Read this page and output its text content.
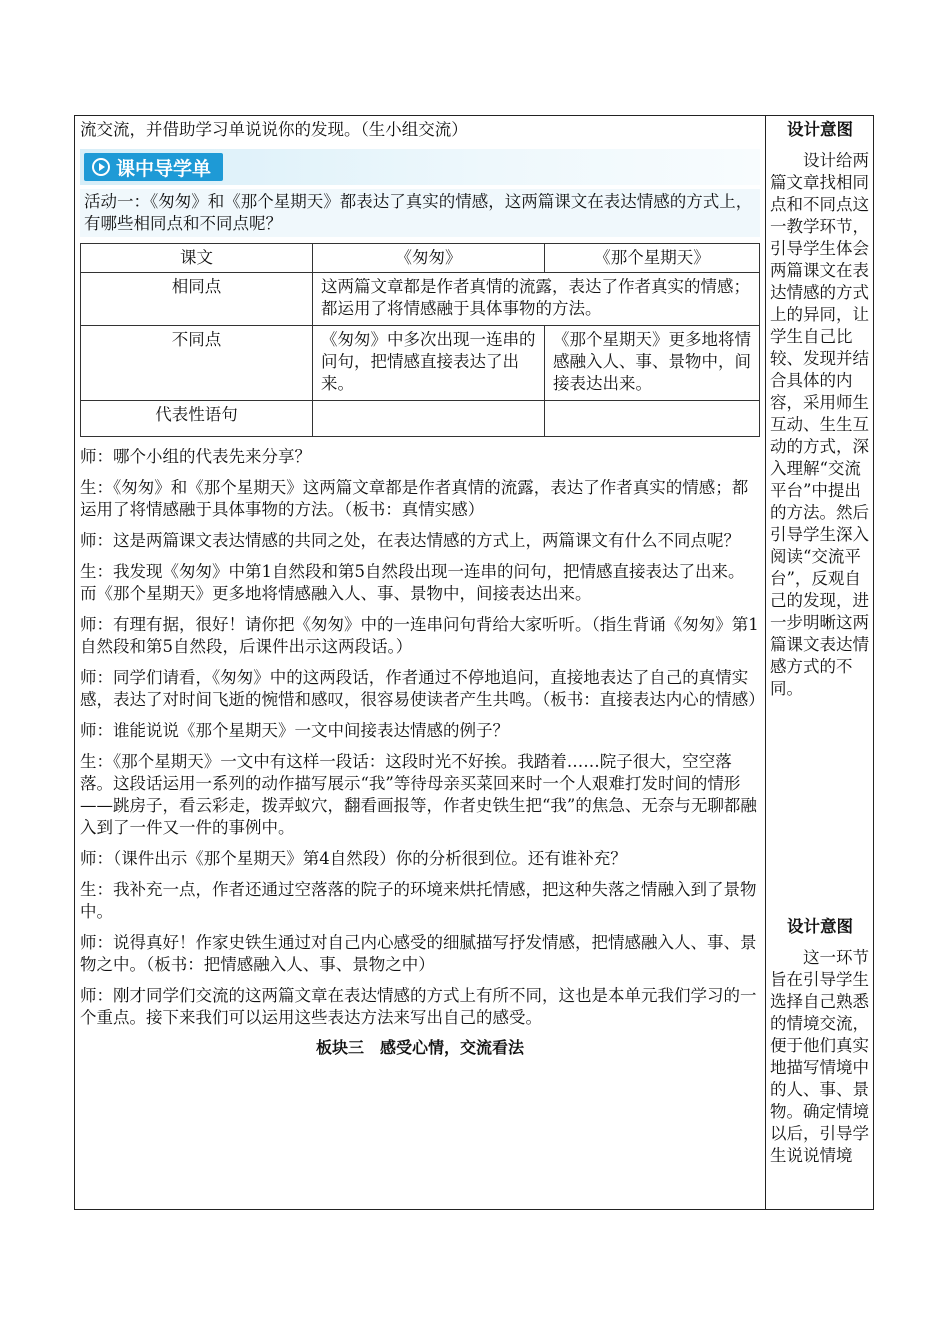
流交流，并借助学习单说说你的发现。（生小组交流）

课中导学单

活动一：《匆匆》和《那个星期天》都表达了真实的情感，这两篇课文在表达情感的方式上，有哪些相同点和不同点呢？

课文	《匆匆》	《那个星期天》
相同点	这两篇文章都是作者真情的流露，表达了作者真实的情感；都运用了将情感融于具体事物的方法。	
不同点	《匆匆》中多次出现一连串的问句，把情感直接表达了出来。	《那个星期天》更多地将情感融入人、事、景物中，间接表达出来。
代表性语句		

师：哪个小组的代表先来分享？

生：《匆匆》和《那个星期天》这两篇文章都是作者真情的流露，表达了作者真实的情感；都运用了将情感融于具体事物的方法。（板书：真情实感）

师：这是两篇课文表达情感的共同之处，在表达情感的方式上，两篇课文有什么不同点呢？

生：我发现《匆匆》中第1自然段和第5自然段出现一连串的问句，把情感直接表达了出来。而《那个星期天》更多地将情感融入人、事、景物中，间接表达出来。

师：有理有据，很好！请你把《匆匆》中的一连串问句背给大家听听。（指生背诵《匆匆》第1自然段和第5自然段，后课件出示这两段话。）

师：同学们请看，《匆匆》中的这两段话，作者通过不停地追问，直接地表达了自己的真情实感，表达了对时间飞逝的惋惜和感叹，很容易使读者产生共鸣。（板书：直接表达内心的情感）

师：谁能说说《那个星期天》一文中间接表达情感的例子？

生：《那个星期天》一文中有这样一段话：这段时光不好挨。我踏着……院子很大，空空落落。这段话运用一系列的动作描写展示“我”等待母亲买菜回来时一个人艰难打发时间的情形——跳房子，看云彩走，拨弄蚁穴，翻看画报等，作者史铁生把“我”的焦急、无奈与无聊都融入到了一件又一件的事例中。

师：（课件出示《那个星期天》第4自然段）你的分析很到位。还有谁补充？

生：我补充一点，作者还通过空落落的院子的环境来烘托情感，把这种失落之情融入到了景物中。

师：说得真好！作家史铁生通过对自己内心感受的细腻描写抒发情感，把情感融入人、事、景物之中。（板书：把情感融入人、事、景物之中）

师：刚才同学们交流的这两篇文章在表达情感的方式上有所不同，这也是本单元我们学习的一个重点。接下来我们可以运用这些表达方法来写出自己的感受。

板块三　感受心情，交流看法

设计意图

设计给两篇文章找相同点和不同点这一教学环节，引导学生体会两篇课文在表达情感的方式上的异同，让学生自己比较、发现并结合具体的内容，采用师生互动、生生互动的方式，深入理解“交流平台”中提出的方法。然后引导学生深入阅读“交流平台”，反观自己的发现，进一步明晰这两篇课文表达情感方式的不同。

设计意图

这一环节旨在引导学生选择自己熟悉的情境交流，便于他们真实地描写情境中的人、事、景物。确定情境以后，引导学生说说情境
